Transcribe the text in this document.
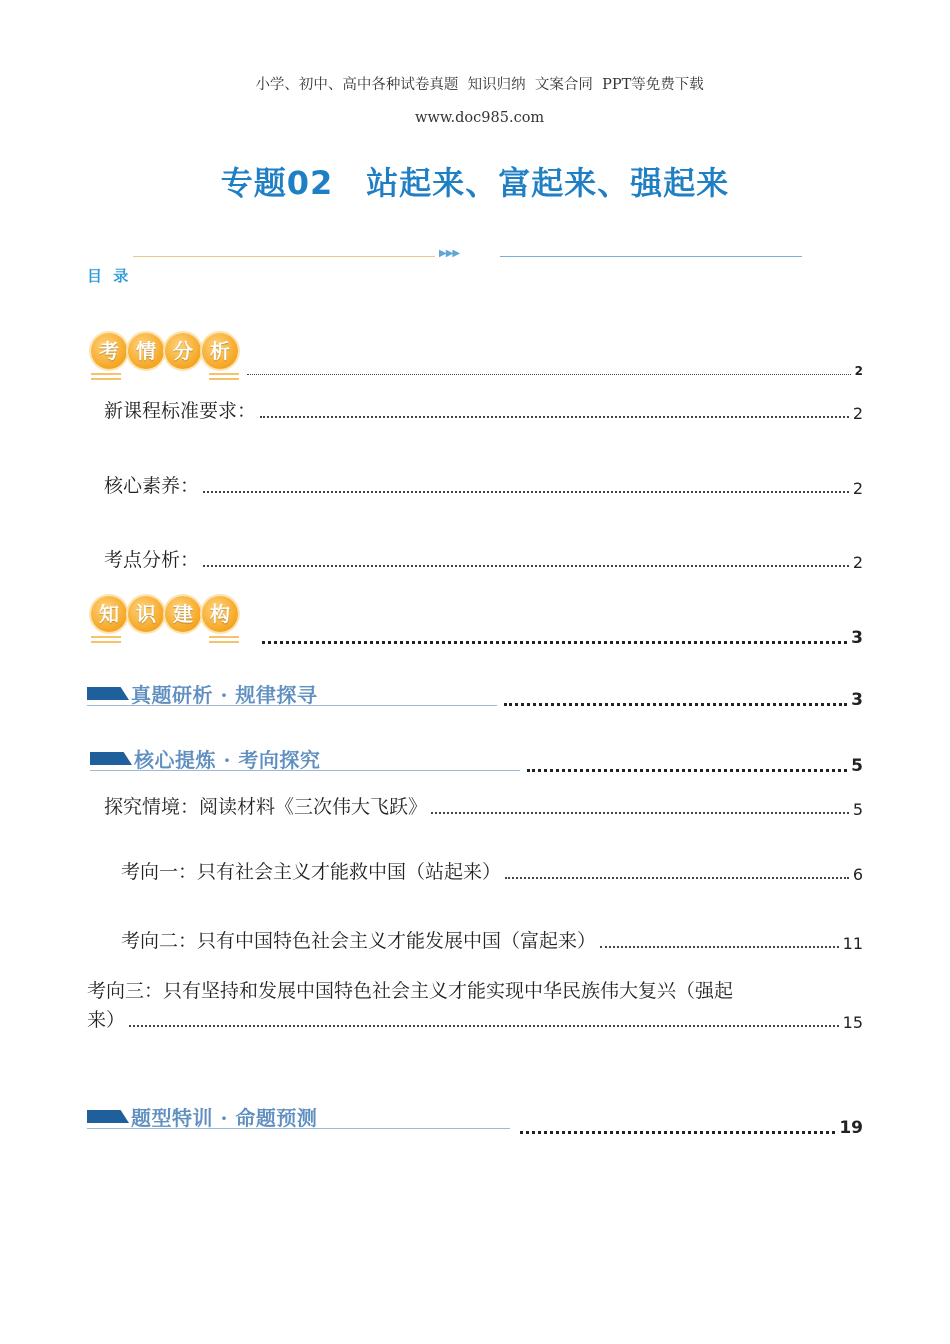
小学、初中、高中各种试卷真题  知识归纳  文案合同  PPT等免费下载

www.doc985.com

专题02　站起来、富起来、强起来
▶▶▶
目 录
考 情 分 析
2
新课程标准要求：	2
核心素养：	2
考点分析：	2
知 识 建 构
3
真题研析 · 规律探寻	3
核心提炼 · 考向探究	5
探究情境：阅读材料《三次伟大飞跃》	5
考向一：只有社会主义才能救中国（站起来）	6
考向二：只有中国特色社会主义才能发展中国（富起来）	11
考向三：只有坚持和发展中国特色社会主义才能实现中华民族伟大复兴（强起
来）	15
题型特训 · 命题预测	19
